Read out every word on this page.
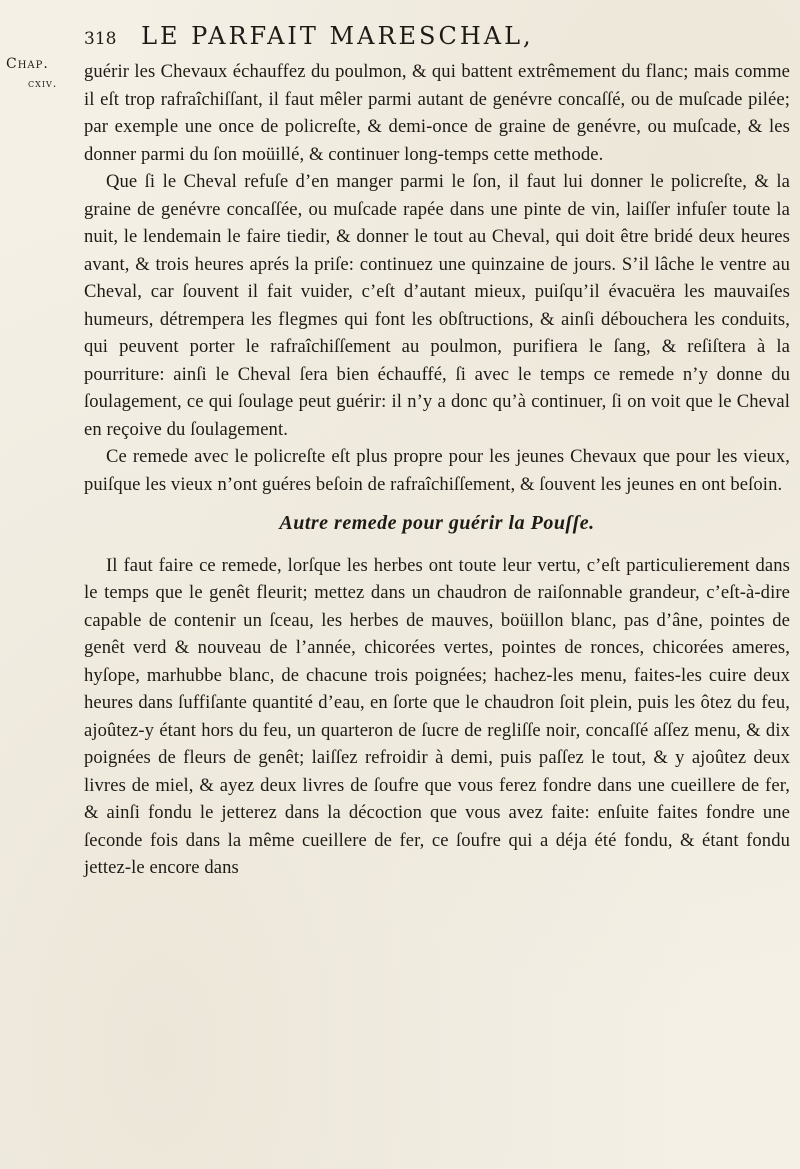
Chap.
cxiv.
318 LE PARFAIT MARESCHAL,

guérir les Chevaux échauffez du poulmon, & qui battent extrêmement du flanc; mais comme il eſt trop rafraîchiſſant, il faut mêler parmi autant de genévre concaſſé, ou de muſcade pilée; par exemple une once de policreſte, & demi-once de graine de genévre, ou muſcade, & les donner parmi du ſon moüillé, & continuer long-temps cette methode.

Que ſi le Cheval refuſe d’en manger parmi le ſon, il faut lui donner le policreſte, & la graine de genévre concaſſée, ou muſcade rapée dans une pinte de vin, laiſſer infuſer toute la nuit, le lendemain le faire tiedir, & donner le tout au Cheval, qui doit être bridé deux heures avant, & trois heures aprés la priſe: continuez une quinzaine de jours. S’il lâche le ventre au Cheval, car ſouvent il fait vuider, c’eſt d’autant mieux, puiſqu’il évacuëra les mauvaiſes humeurs, détrempera les flegmes qui font les obſtructions, & ainſi débouchera les conduits, qui peuvent porter le rafraîchiſſement au poulmon, purifiera le ſang, & reſiſtera à la pourriture: ainſi le Cheval ſera bien échauffé, ſi avec le temps ce remede n’y donne du ſoulagement, ce qui ſoulage peut guérir: il n’y a donc qu’à continuer, ſi on voit que le Cheval en reçoive du ſoulagement.

Ce remede avec le policreſte eſt plus propre pour les jeunes Chevaux que pour les vieux, puiſque les vieux n’ont guéres beſoin de rafraîchiſſement, & ſouvent les jeunes en ont beſoin.

Autre remede pour guérir la Pouſſe.

Il faut faire ce remede, lorſque les herbes ont toute leur vertu, c’eſt particulierement dans le temps que le genêt fleurit; mettez dans un chaudron de raiſonnable grandeur, c’eſt-à-dire capable de contenir un ſceau, les herbes de mauves, boüillon blanc, pas d’âne, pointes de genêt verd & nouveau de l’année, chicorées vertes, pointes de ronces, chicorées ameres, hyſope, marhubbe blanc, de chacune trois poignées; hachez-les menu, faites-les cuire deux heures dans ſuffiſante quantité d’eau, en ſorte que le chaudron ſoit plein, puis les ôtez du feu, ajoûtez-y étant hors du feu, un quarteron de ſucre de regliſſe noir, concaſſé aſſez menu, & dix poignées de fleurs de genêt; laiſſez refroidir à demi, puis paſſez le tout, & y ajoûtez deux livres de miel, & ayez deux livres de ſoufre que vous ferez fondre dans une cueillere de fer, & ainſi fondu le jetterez dans la décoction que vous avez faite: enſuite faites fondre une ſeconde fois dans la même cueillere de fer, ce ſoufre qui a déja été fondu, & étant fondu jettez-le encore dans
